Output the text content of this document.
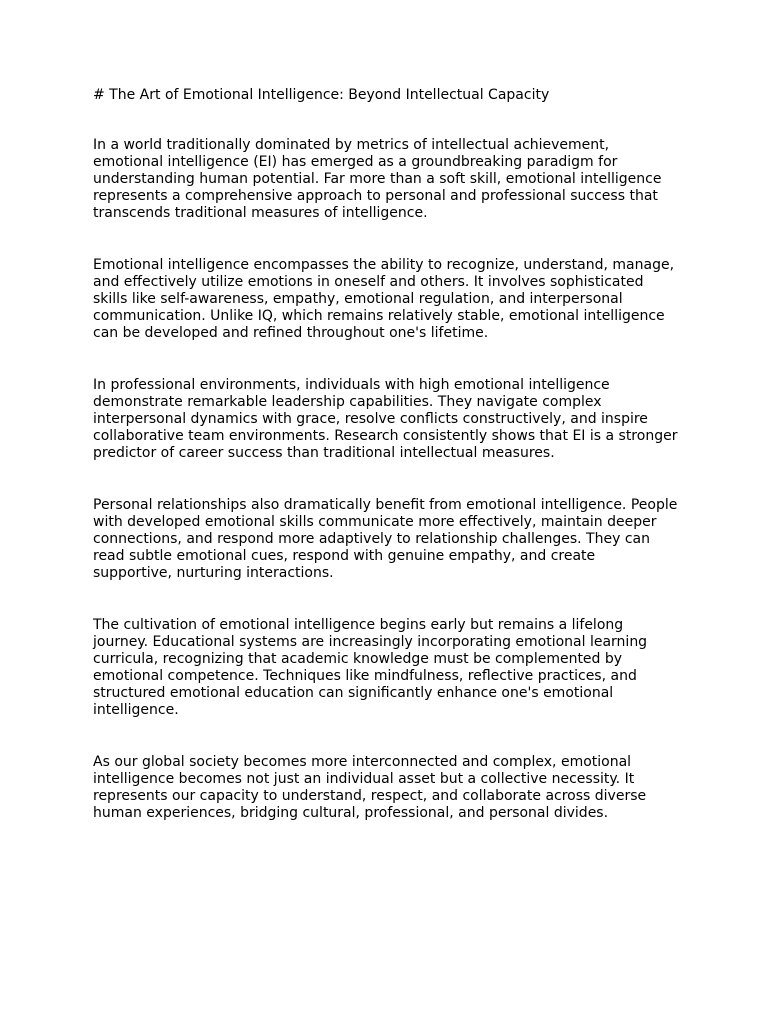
# The Art of Emotional Intelligence: Beyond Intellectual Capacity

In a world traditionally dominated by metrics of intellectual achievement, emotional intelligence (EI) has emerged as a groundbreaking paradigm for understanding human potential. Far more than a soft skill, emotional intelligence represents a comprehensive approach to personal and professional success that transcends traditional measures of intelligence.

Emotional intelligence encompasses the ability to recognize, understand, manage, and effectively utilize emotions in oneself and others. It involves sophisticated skills like self-awareness, empathy, emotional regulation, and interpersonal communication. Unlike IQ, which remains relatively stable, emotional intelligence can be developed and refined throughout one's lifetime.

In professional environments, individuals with high emotional intelligence demonstrate remarkable leadership capabilities. They navigate complex interpersonal dynamics with grace, resolve conflicts constructively, and inspire collaborative team environments. Research consistently shows that EI is a stronger predictor of career success than traditional intellectual measures.

Personal relationships also dramatically benefit from emotional intelligence. People with developed emotional skills communicate more effectively, maintain deeper connections, and respond more adaptively to relationship challenges. They can read subtle emotional cues, respond with genuine empathy, and create supportive, nurturing interactions.

The cultivation of emotional intelligence begins early but remains a lifelong journey. Educational systems are increasingly incorporating emotional learning curricula, recognizing that academic knowledge must be complemented by emotional competence. Techniques like mindfulness, reflective practices, and structured emotional education can significantly enhance one's emotional intelligence.

As our global society becomes more interconnected and complex, emotional intelligence becomes not just an individual asset but a collective necessity. It represents our capacity to understand, respect, and collaborate across diverse human experiences, bridging cultural, professional, and personal divides.
